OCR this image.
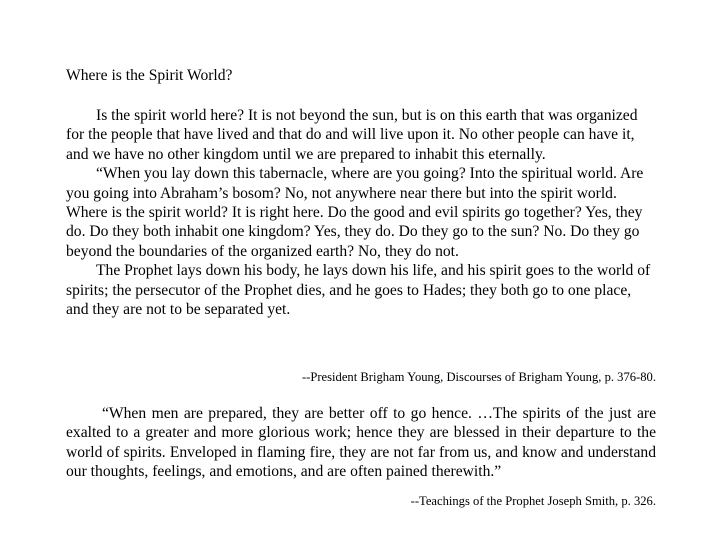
Where is the Spirit World?

Is the spirit world here? It is not beyond the sun, but is on this earth that was organized for the people that have lived and that do and will live upon it. No other people can have it, and we have no other kingdom until we are prepared to inhabit this eternally.

“When you lay down this tabernacle, where are you going? Into the spiritual world. Are you going into Abraham’s bosom? No, not anywhere near there but into the spirit world. Where is the spirit world? It is right here. Do the good and evil spirits go together? Yes, they do. Do they both inhabit one kingdom? Yes, they do. Do they go to the sun? No. Do they go beyond the boundaries of the organized earth? No, they do not.

The Prophet lays down his body, he lays down his life, and his spirit goes to the world of spirits; the persecutor of the Prophet dies, and he goes to Hades; they both go to one place, and they are not to be separated yet.

--President Brigham Young, Discourses of Brigham Young, p. 376-80.

“When men are prepared, they are better off to go hence. …The spirits of the just are exalted to a greater and more glorious work; hence they are blessed in their departure to the world of spirits. Enveloped in flaming fire, they are not far from us, and know and understand our thoughts, feelings, and emotions, and are often pained therewith.”

--Teachings of the Prophet Joseph Smith, p. 326.
